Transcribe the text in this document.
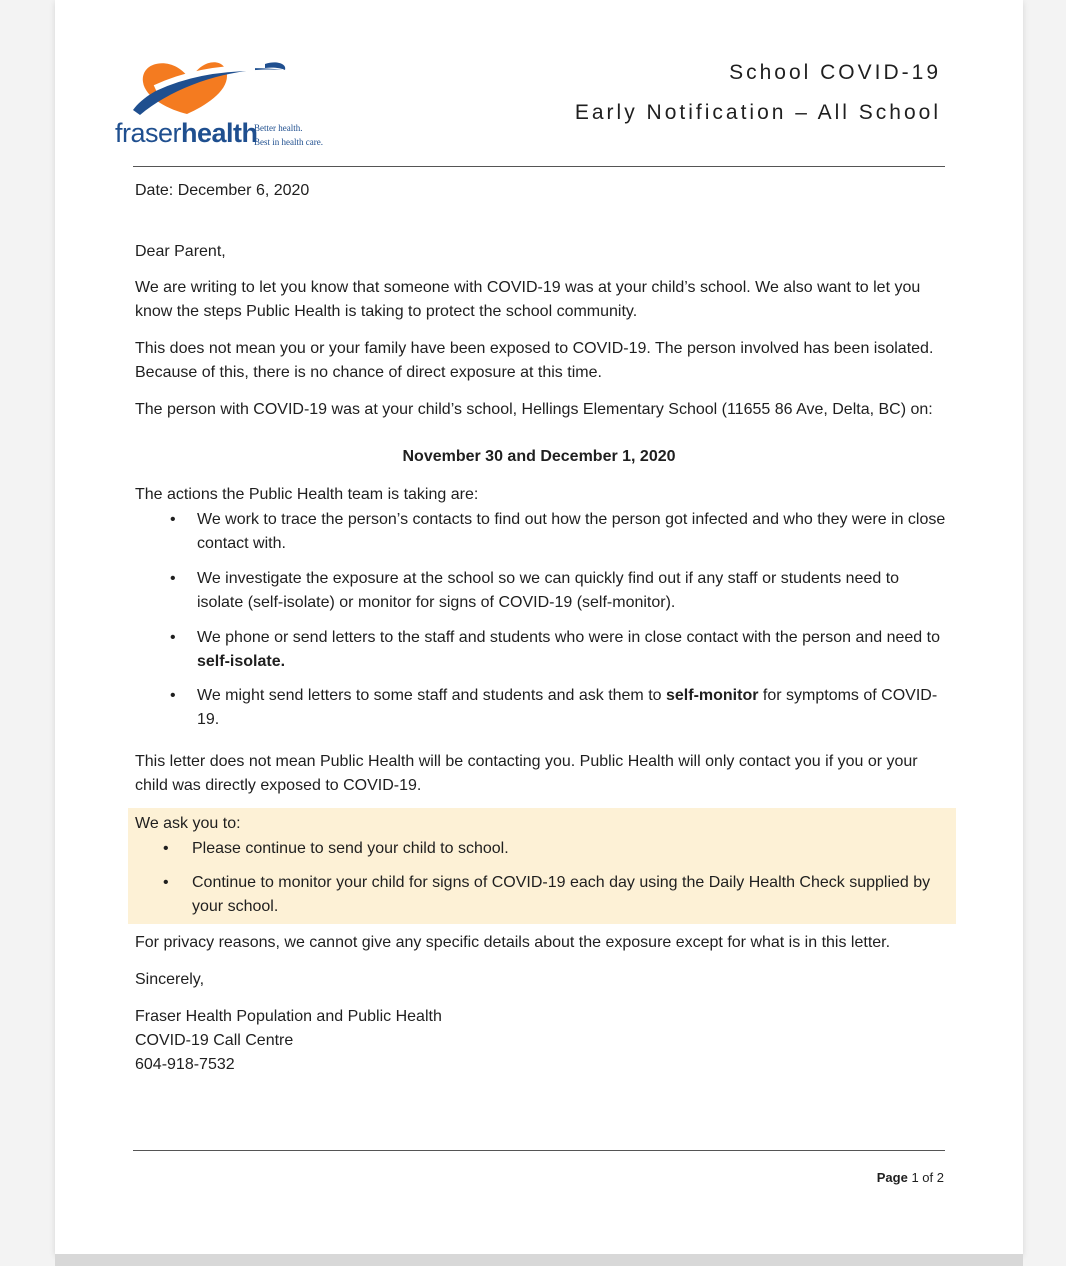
fraserhealth
Better health.
Best in health care.
School COVID-19
Early Notification – All School

Date: December 6, 2020

Dear Parent,

We are writing to let you know that someone with COVID-19 was at your child’s school. We also want to let you know the steps Public Health is taking to protect the school community.

This does not mean you or your family have been exposed to COVID-19. The person involved has been isolated. Because of this, there is no chance of direct exposure at this time.

The person with COVID-19 was at your child’s school, Hellings Elementary School (11655 86 Ave, Delta, BC) on:

November 30 and December 1, 2020

The actions the Public Health team is taking are:

• We work to trace the person’s contacts to find out how the person got infected and who they were in close contact with.
• We investigate the exposure at the school so we can quickly find out if any staff or students need to isolate (self-isolate) or monitor for signs of COVID-19 (self-monitor).
• We phone or send letters to the staff and students who were in close contact with the person and need to self-isolate.
• We might send letters to some staff and students and ask them to self-monitor for symptoms of COVID-19.

This letter does not mean Public Health will be contacting you. Public Health will only contact you if you or your child was directly exposed to COVID-19.

We ask you to:

• Please continue to send your child to school.
• Continue to monitor your child for signs of COVID-19 each day using the Daily Health Check supplied by your school.

For privacy reasons, we cannot give any specific details about the exposure except for what is in this letter.

Sincerely,

Fraser Health Population and Public Health

COVID-19 Call Centre

604-918-7532

Page 1 of 2
